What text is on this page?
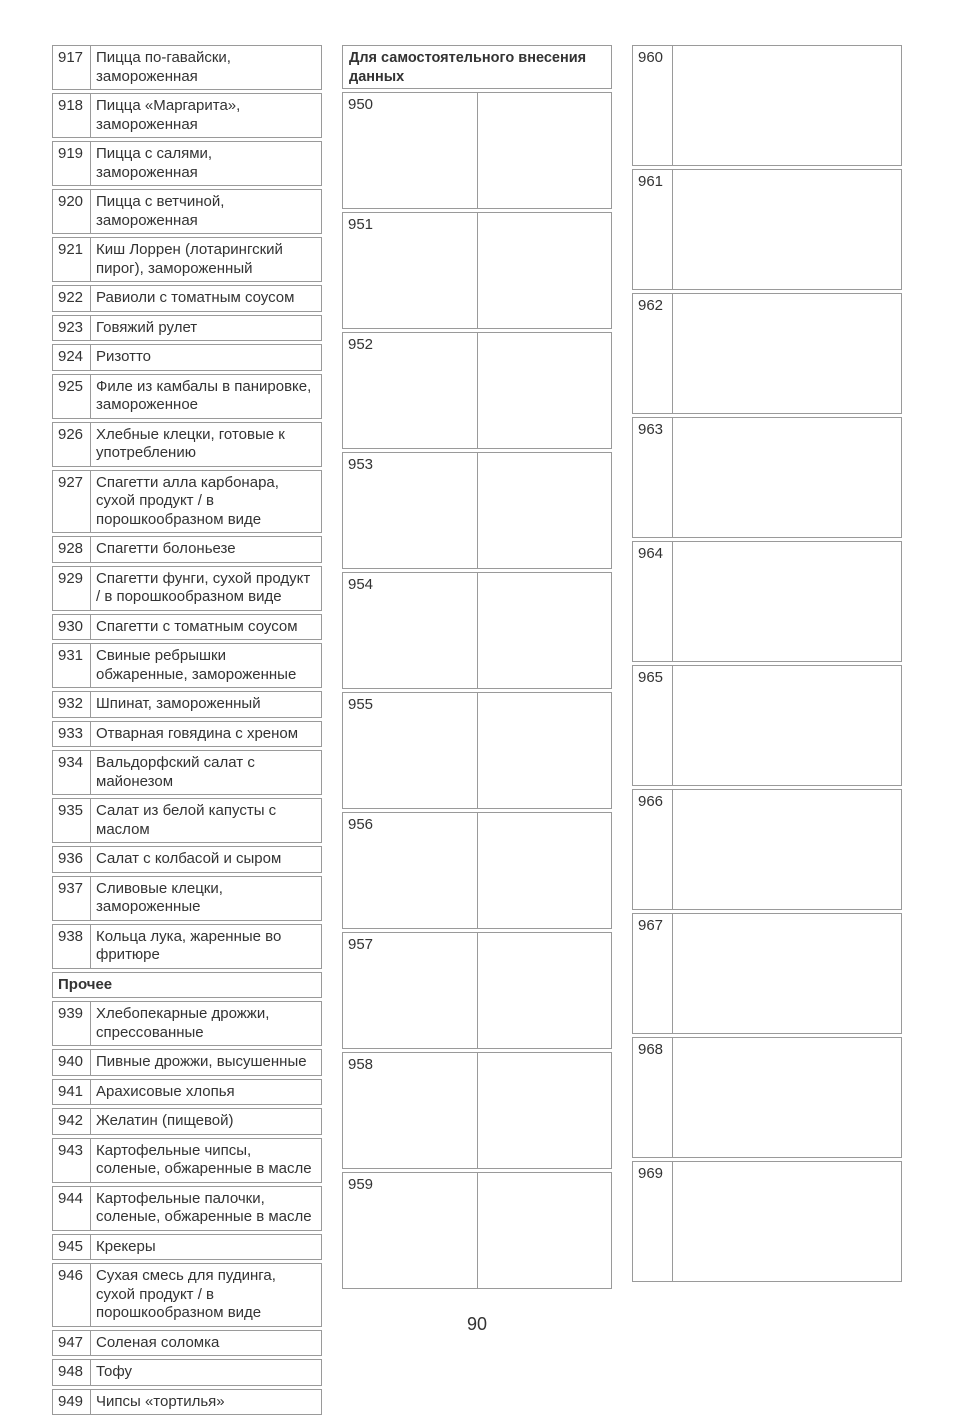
917	Пицца по-гавайски, замороженная
918	Пицца «Маргарита», замороженная
919	Пицца с салями, замороженная
920	Пицца с ветчиной, замороженная
921	Киш Лоррен (лотарингский пирог), замороженный
922	Равиоли с томатным соусом
923	Говяжий рулет
924	Ризотто
925	Филе из камбалы в панировке, замороженное
926	Хлебные клецки, готовые к употреблению
927	Спагетти алла карбонара, сухой продукт / в порошкообразном виде
928	Спагетти болоньезе
929	Спагетти фунги, сухой продукт / в порошкообразном виде
930	Спагетти с томатным соусом
931	Свиные ребрышки обжаренные, замороженные
932	Шпинат, замороженный
933	Отварная говядина с хреном
934	Вальдорфский салат с майонезом
935	Салат из белой капусты с маслом
936	Салат с колбасой и сыром
937	Сливовые клецки, замороженные
938	Кольца лука, жаренные во фритюре
Прочее	
939	Хлебопекарные дрожжи, спрессованные
940	Пивные дрожжи, высушенные
941	Арахисовые хлопья
942	Желатин (пищевой)
943	Картофельные чипсы, соленые, обжаренные в масле
944	Картофельные палочки, соленые, обжаренные в масле
945	Крекеры
946	Сухая смесь для пудинга, сухой продукт / в порошкообразном виде
947	Соленая соломка
948	Тофу
949	Чипсы «тортилья»
Для самостоятельного внесения данных	
950	
951	
952	
953	
954	
955	
956	
957	
958	
959	
960	
961	
962	
963	
964	
965	
966	
967	
968	
969	
90
